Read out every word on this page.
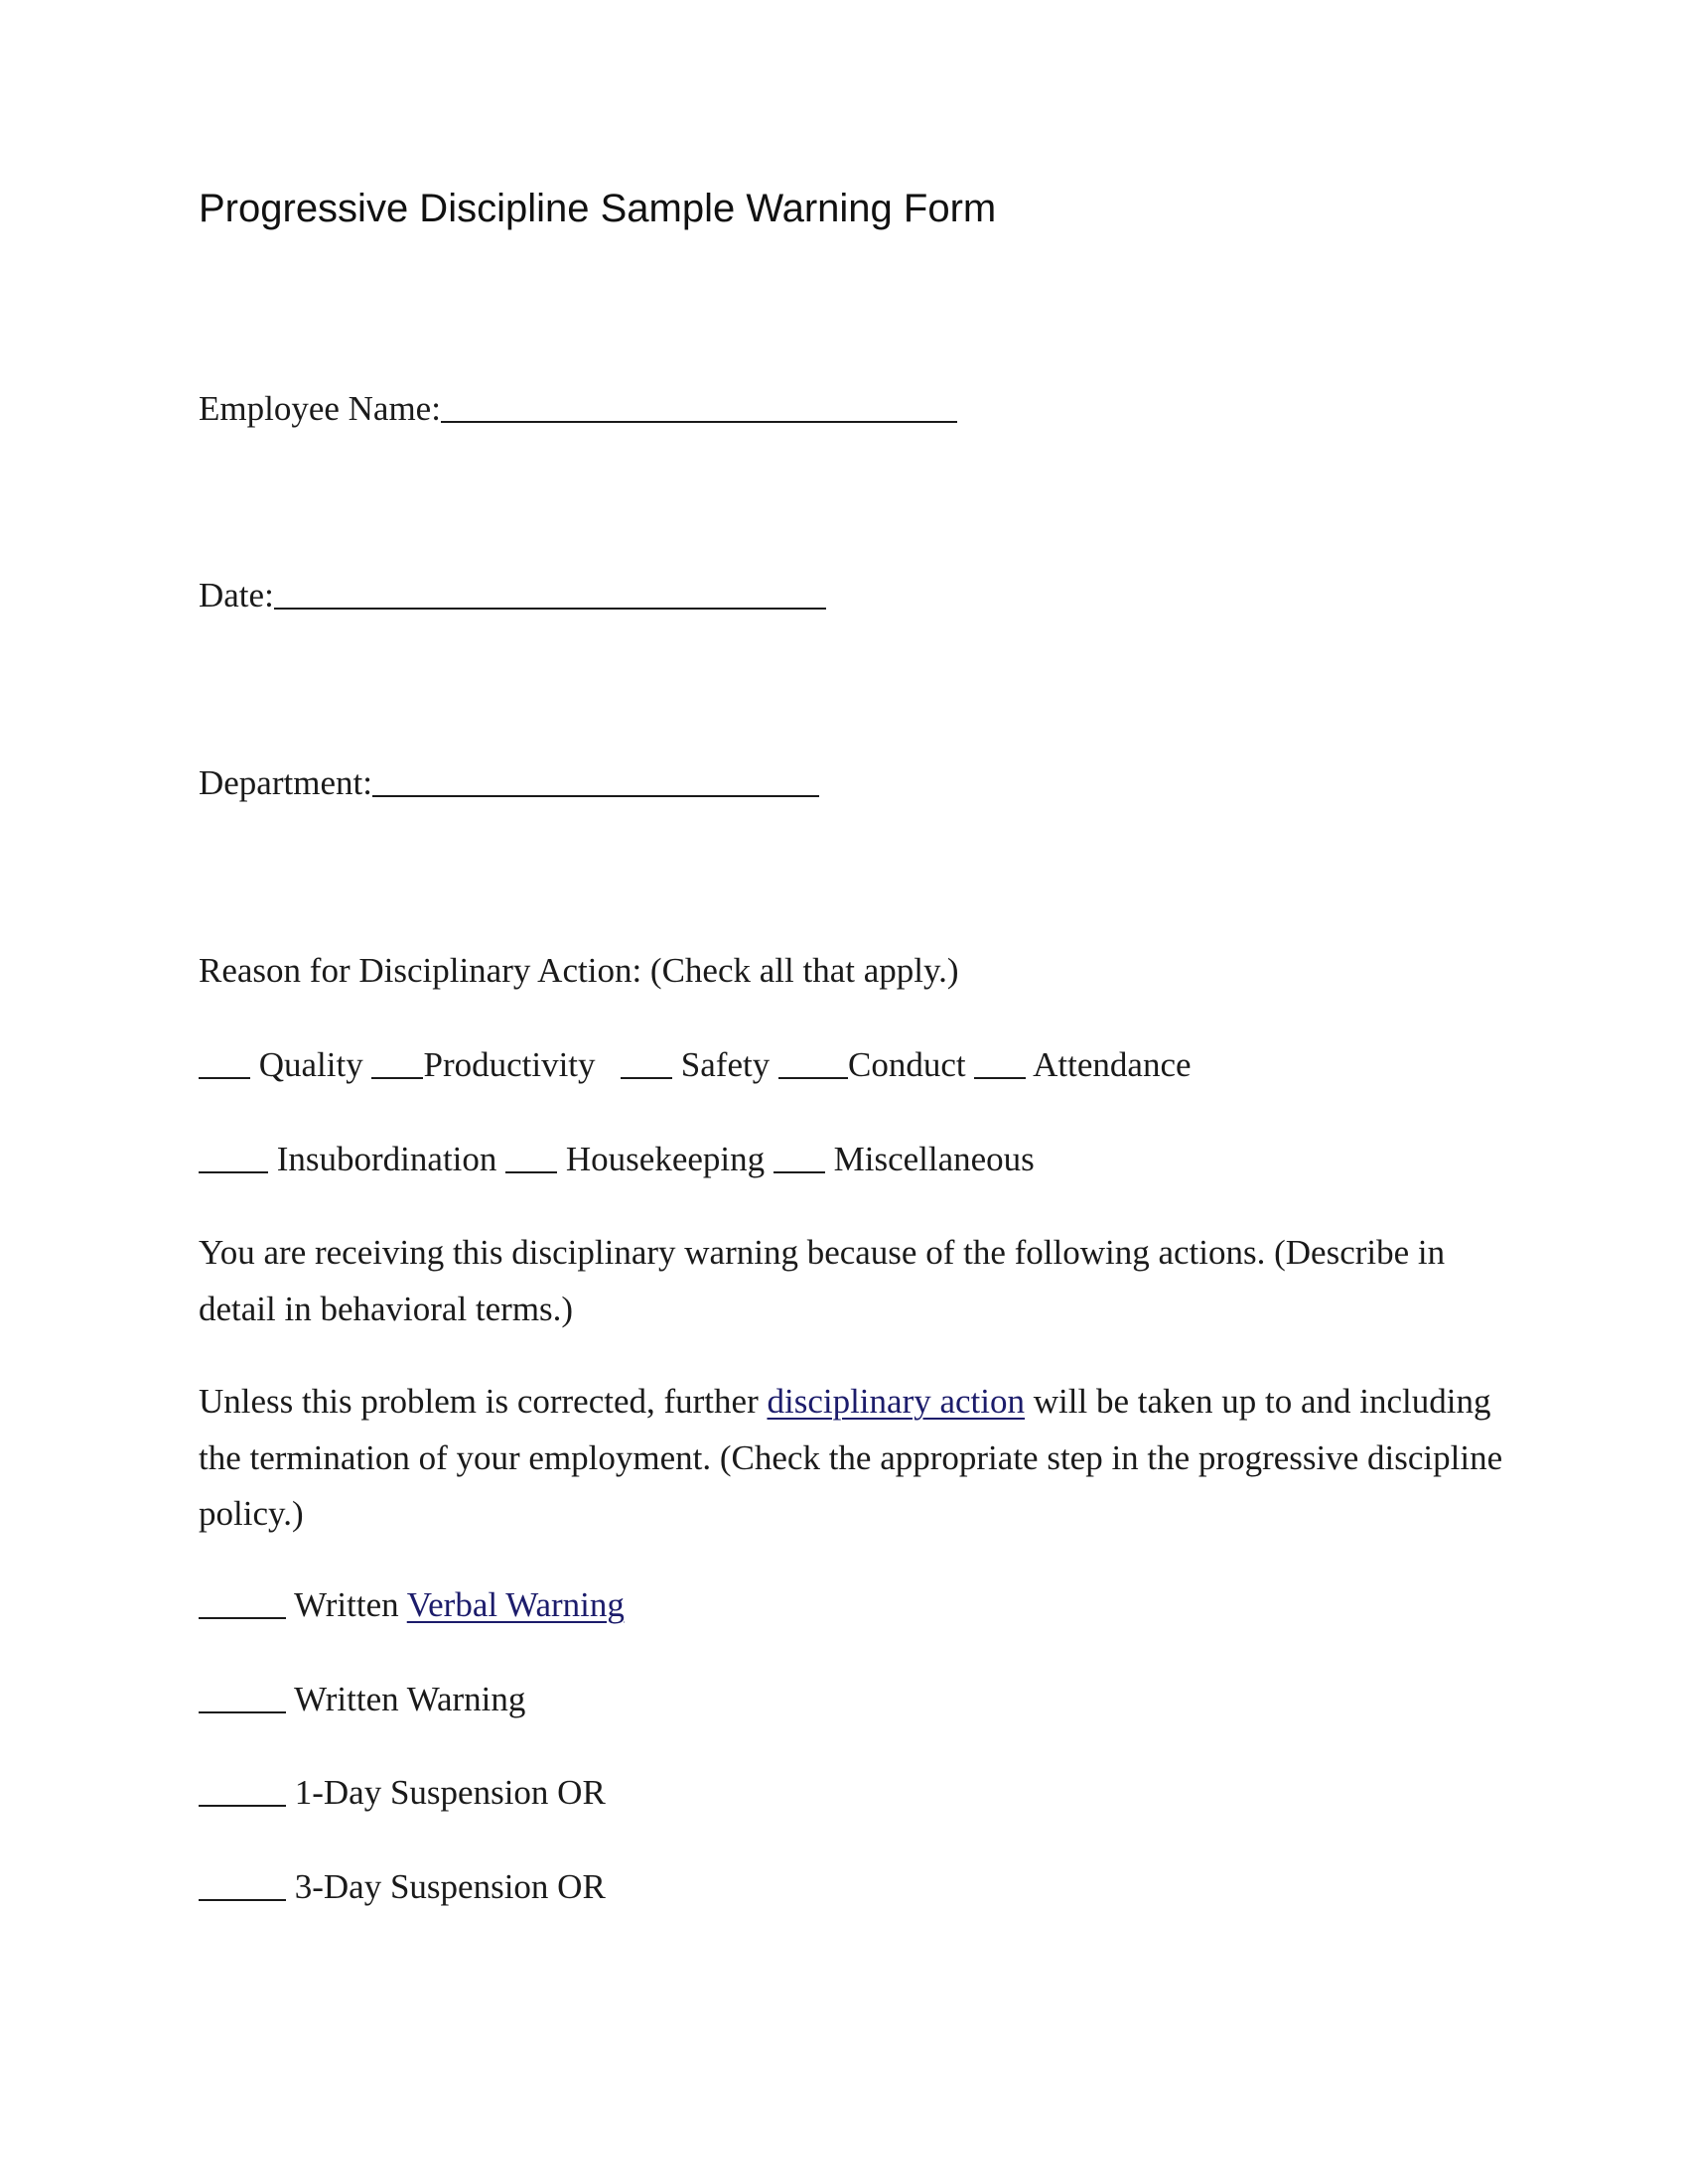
Progressive Discipline Sample Warning Form
Employee Name:
Date:
Department:
Reason for Disciplinary Action: (Check all that apply.)
Quality Productivity Safety Conduct Attendance
Insubordination Housekeeping Miscellaneous

You are receiving this disciplinary warning because of the following actions. (Describe in detail in behavioral terms.)

Unless this problem is corrected, further disciplinary action will be taken up to and including the termination of your employment. (Check the appropriate step in the progressive discipline policy.)

Written Verbal Warning
Written Warning
1-Day Suspension OR
3-Day Suspension OR
